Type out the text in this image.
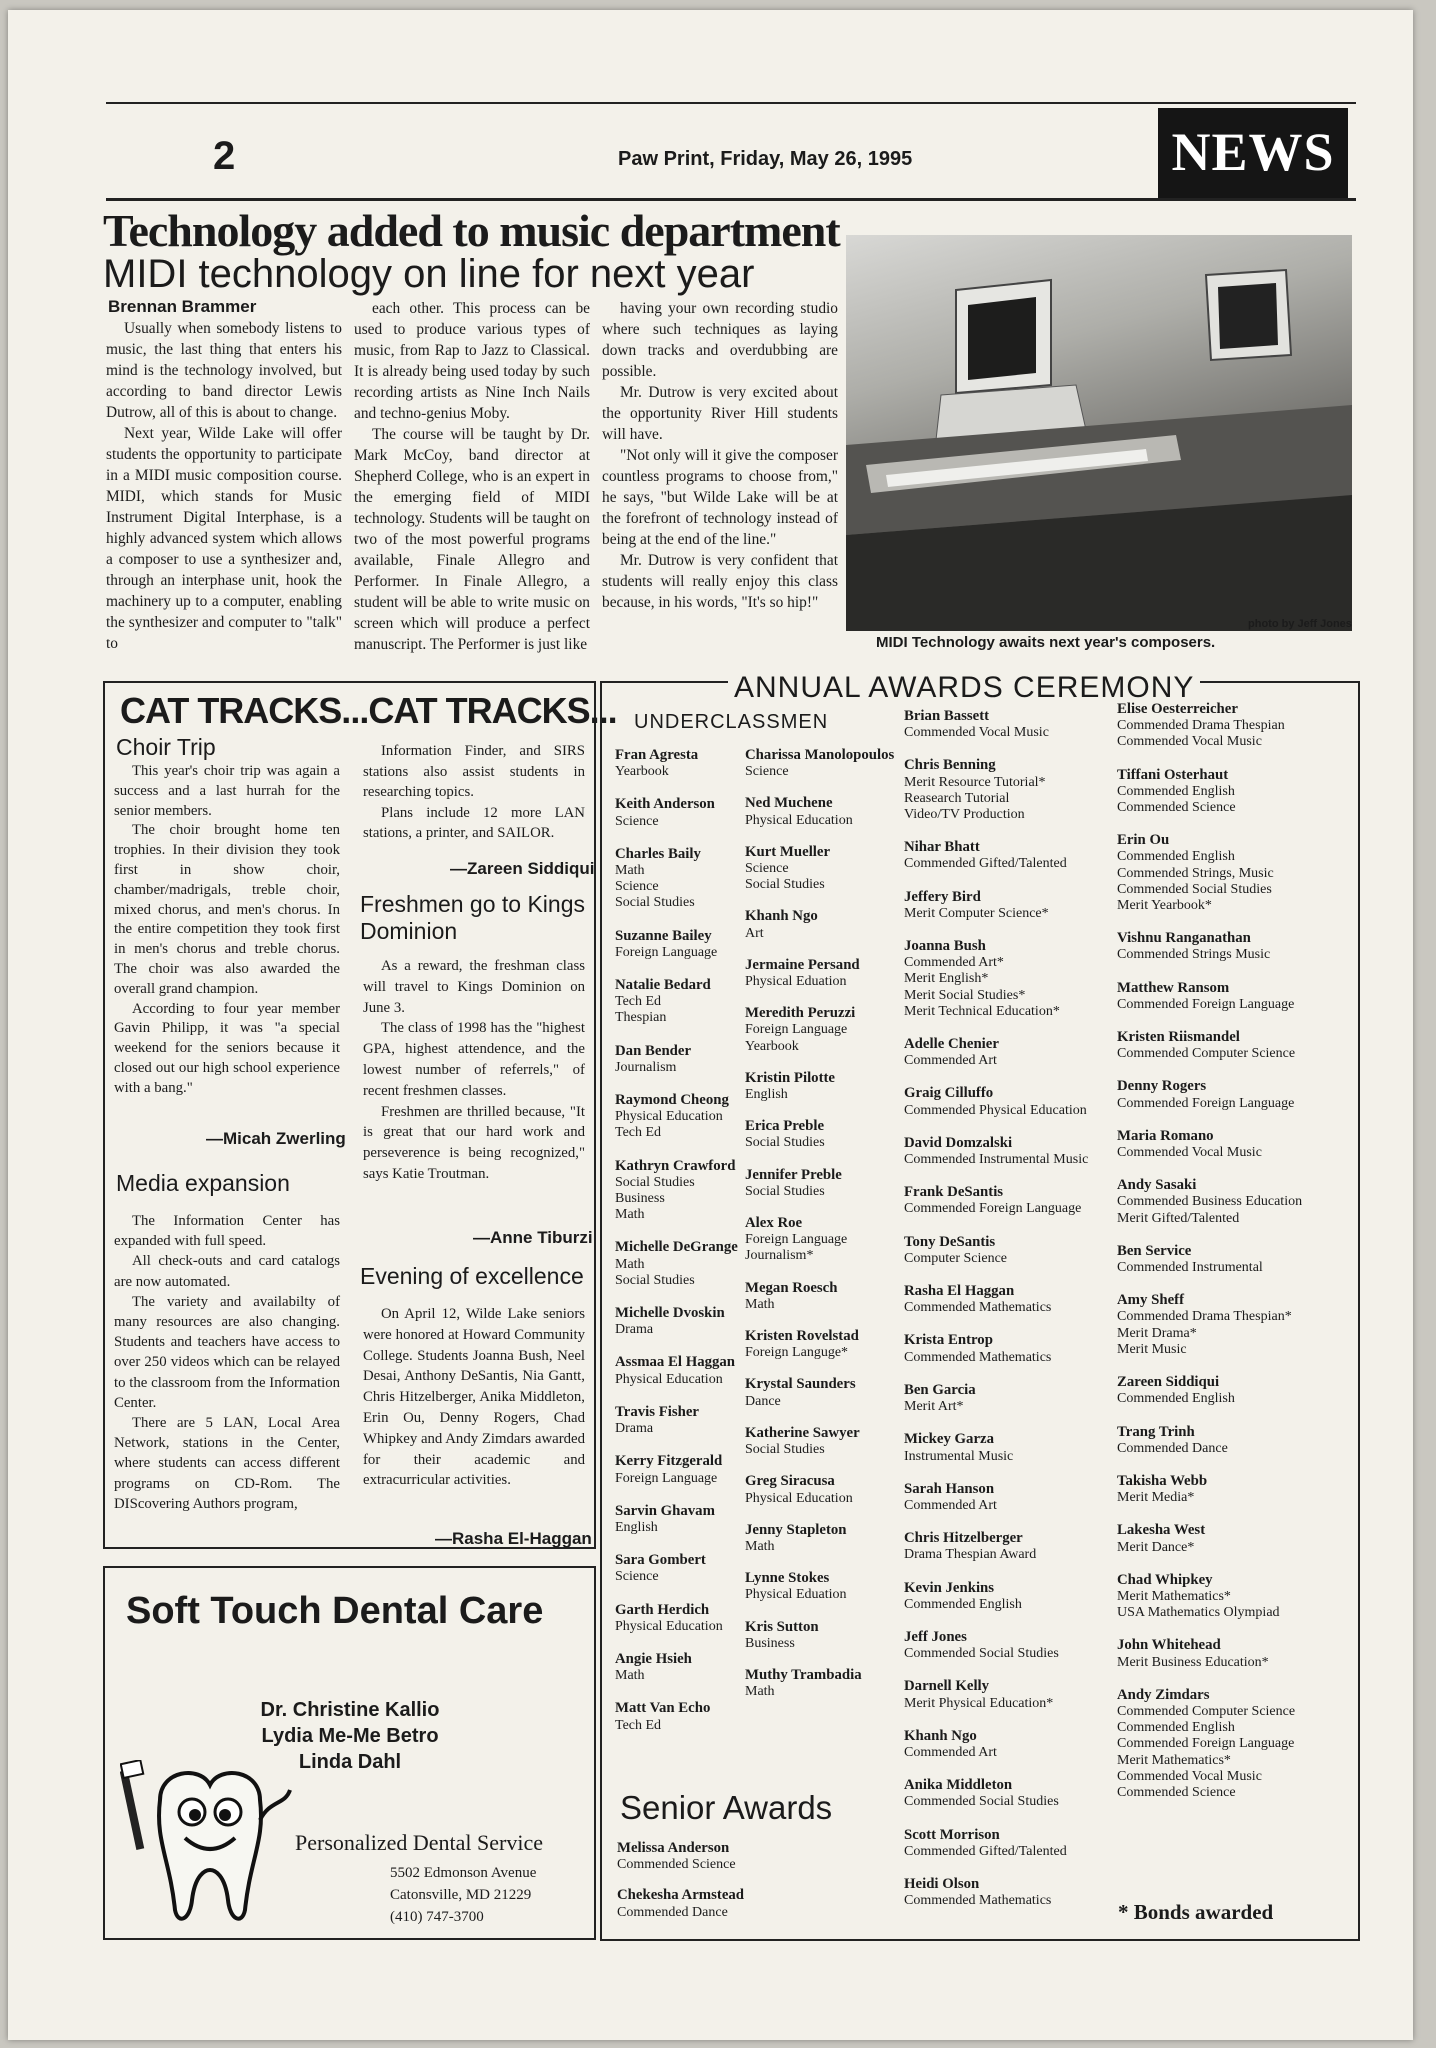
2	Paw Print, Friday, May 26, 1995	NEWS
Technology added to music department
MIDI technology on line for next year
Brennan Brammer

Usually when somebody listens to music, the last thing that enters his mind is the technology involved, but according to band director Lewis Dutrow, all of this is about to change.

Next year, Wilde Lake will offer students the opportunity to participate in a MIDI music composition course. MIDI, which stands for Music Instrument Digital Interphase, is a highly advanced system which allows a composer to use a synthesizer and, through an interphase unit, hook the machinery up to a computer, enabling the synthesizer and computer to "talk" to

each other. This process can be used to produce various types of music, from Rap to Jazz to Classical. It is already being used today by such recording artists as Nine Inch Nails and techno-genius Moby.

The course will be taught by Dr. Mark McCoy, band director at Shepherd College, who is an expert in the emerging field of MIDI technology. Students will be taught on two of the most powerful programs available, Finale Allegro and Performer. In Finale Allegro, a student will be able to write music on screen which will produce a perfect manuscript. The Performer is just like

having your own recording studio where such techniques as laying down tracks and overdubbing are possible.

Mr. Dutrow is very excited about the opportunity River Hill students will have.

"Not only will it give the composer countless programs to choose from," he says, "but Wilde Lake will be at the forefront of technology instead of being at the end of the line."

Mr. Dutrow is very confident that students will really enjoy this class because, in his words, "It's so hip!"

photo by Jeff Jones
MIDI Technology awaits next year's composers.
CAT TRACKS...CAT TRACKS...
Choir Trip

This year's choir trip was again a success and a last hurrah for the senior members.

The choir brought home ten trophies. In their division they took first in show choir, chamber/madrigals, treble choir, mixed chorus, and men's chorus. In the entire competition they took first in men's chorus and treble chorus. The choir was also awarded the overall grand champion.

According to four year member Gavin Philipp, it was "a special weekend for the seniors because it closed out our high school experience with a bang."

—Micah Zwerling
Media expansion

The Information Center has expanded with full speed.

All check-outs and card catalogs are now automated.

The variety and availabilty of many resources are also changing. Students and teachers have access to over 250 videos which can be relayed to the classroom from the Information Center.

There are 5 LAN, Local Area Network, stations in the Center, where students can access different programs on CD-Rom. The DIScovering Authors program,

Information Finder, and SIRS stations also assist students in researching topics.

Plans include 12 more LAN stations, a printer, and SAILOR.

—Zareen Siddiqui
Freshmen go to Kings Dominion

As a reward, the freshman class will travel to Kings Dominion on June 3.

The class of 1998 has the "highest GPA, highest attendence, and the lowest number of referrels," of recent freshmen classes.

Freshmen are thrilled because, "It is great that our hard work and perseverence is being recognized," says Katie Troutman.

—Anne Tiburzi
Evening of excellence

On April 12, Wilde Lake seniors were honored at Howard Community College. Students Joanna Bush, Neel Desai, Anthony DeSantis, Nia Gantt, Chris Hitzelberger, Anika Middleton, Erin Ou, Denny Rogers, Chad Whipkey and Andy Zimdars awarded for their academic and extracurricular activities.

—Rasha El-Haggan
Soft Touch Dental Care
Dr. Christine Kallio
Lydia Me-Me Betro
Linda Dahl
Personalized Dental Service
5502 Edmonson Avenue
Catonsville, MD 21229
(410) 747-3700
ANNUAL AWARDS CEREMONY
UNDERCLASSMEN
Fran Agresta
Yearbook
Keith Anderson
Science
Charles Baily
Math
Science
Social Studies
Suzanne Bailey
Foreign Language
Natalie Bedard
Tech Ed
Thespian
Dan Bender
Journalism
Raymond Cheong
Physical Education
Tech Ed
Kathryn Crawford
Social Studies
Business
Math
Michelle DeGrange
Math
Social Studies
Michelle Dvoskin
Drama
Assmaa El Haggan
Physical Education
Travis Fisher
Drama
Kerry Fitzgerald
Foreign Language
Sarvin Ghavam
English
Sara Gombert
Science
Garth Herdich
Physical Education
Angie Hsieh
Math
Matt Van Echo
Tech Ed
Charissa Manolopoulos
Science
Ned Muchene
Physical Education
Kurt Mueller
Science
Social Studies
Khanh Ngo
Art
Jermaine Persand
Physical Eduation
Meredith Peruzzi
Foreign Language
Yearbook
Kristin Pilotte
English
Erica Preble
Social Studies
Jennifer Preble
Social Studies
Alex Roe
Foreign Language
Journalism*
Megan Roesch
Math
Kristen Rovelstad
Foreign Languge*
Krystal Saunders
Dance
Katherine Sawyer
Social Studies
Greg Siracusa
Physical Education
Jenny Stapleton
Math
Lynne Stokes
Physical Eduation
Kris Sutton
Business
Muthy Trambadia
Math
Senior Awards
Melissa Anderson
Commended Science
Chekesha Armstead
Commended Dance
Brian Bassett
Commended Vocal Music
Chris Benning
Merit Resource Tutorial*
Reasearch Tutorial
Video/TV Production
Nihar Bhatt
Commended Gifted/Talented
Jeffery Bird
Merit Computer Science*
Joanna Bush
Commended Art*
Merit English*
Merit Social Studies*
Merit Technical Education*
Adelle Chenier
Commended Art
Graig Cilluffo
Commended Physical Education
David Domzalski
Commended Instrumental Music
Frank DeSantis
Commended Foreign Language
Tony DeSantis
Computer Science
Rasha El Haggan
Commended Mathematics
Krista Entrop
Commended Mathematics
Ben Garcia
Merit Art*
Mickey Garza
Instrumental Music
Sarah Hanson
Commended Art
Chris Hitzelberger
Drama Thespian Award
Kevin Jenkins
Commended English
Jeff Jones
Commended Social Studies
Darnell Kelly
Merit Physical Education*
Khanh Ngo
Commended Art
Anika Middleton
Commended Social Studies
Scott Morrison
Commended Gifted/Talented
Heidi Olson
Commended Mathematics
Elise Oesterreicher
Commended Drama Thespian
Commended Vocal Music
Tiffani Osterhaut
Commended English
Commended Science
Erin Ou
Commended English
Commended Strings, Music
Commended Social Studies
Merit Yearbook*
Vishnu Ranganathan
Commended Strings Music
Matthew Ransom
Commended Foreign Language
Kristen Riismandel
Commended Computer Science
Denny Rogers
Commended Foreign Language
Maria Romano
Commended Vocal Music
Andy Sasaki
Commended Business Education
Merit Gifted/Talented
Ben Service
Commended Instrumental
Amy Sheff
Commended Drama Thespian*
Merit Drama*
Merit Music
Zareen Siddiqui
Commended English
Trang Trinh
Commended Dance
Takisha Webb
Merit Media*
Lakesha West
Merit Dance*
Chad Whipkey
Merit Mathematics*
USA Mathematics Olympiad
John Whitehead
Merit Business Education*
Andy Zimdars
Commended Computer Science
Commended English
Commended Foreign Language
Merit Mathematics*
Commended Vocal Music
Commended Science
* Bonds awarded
